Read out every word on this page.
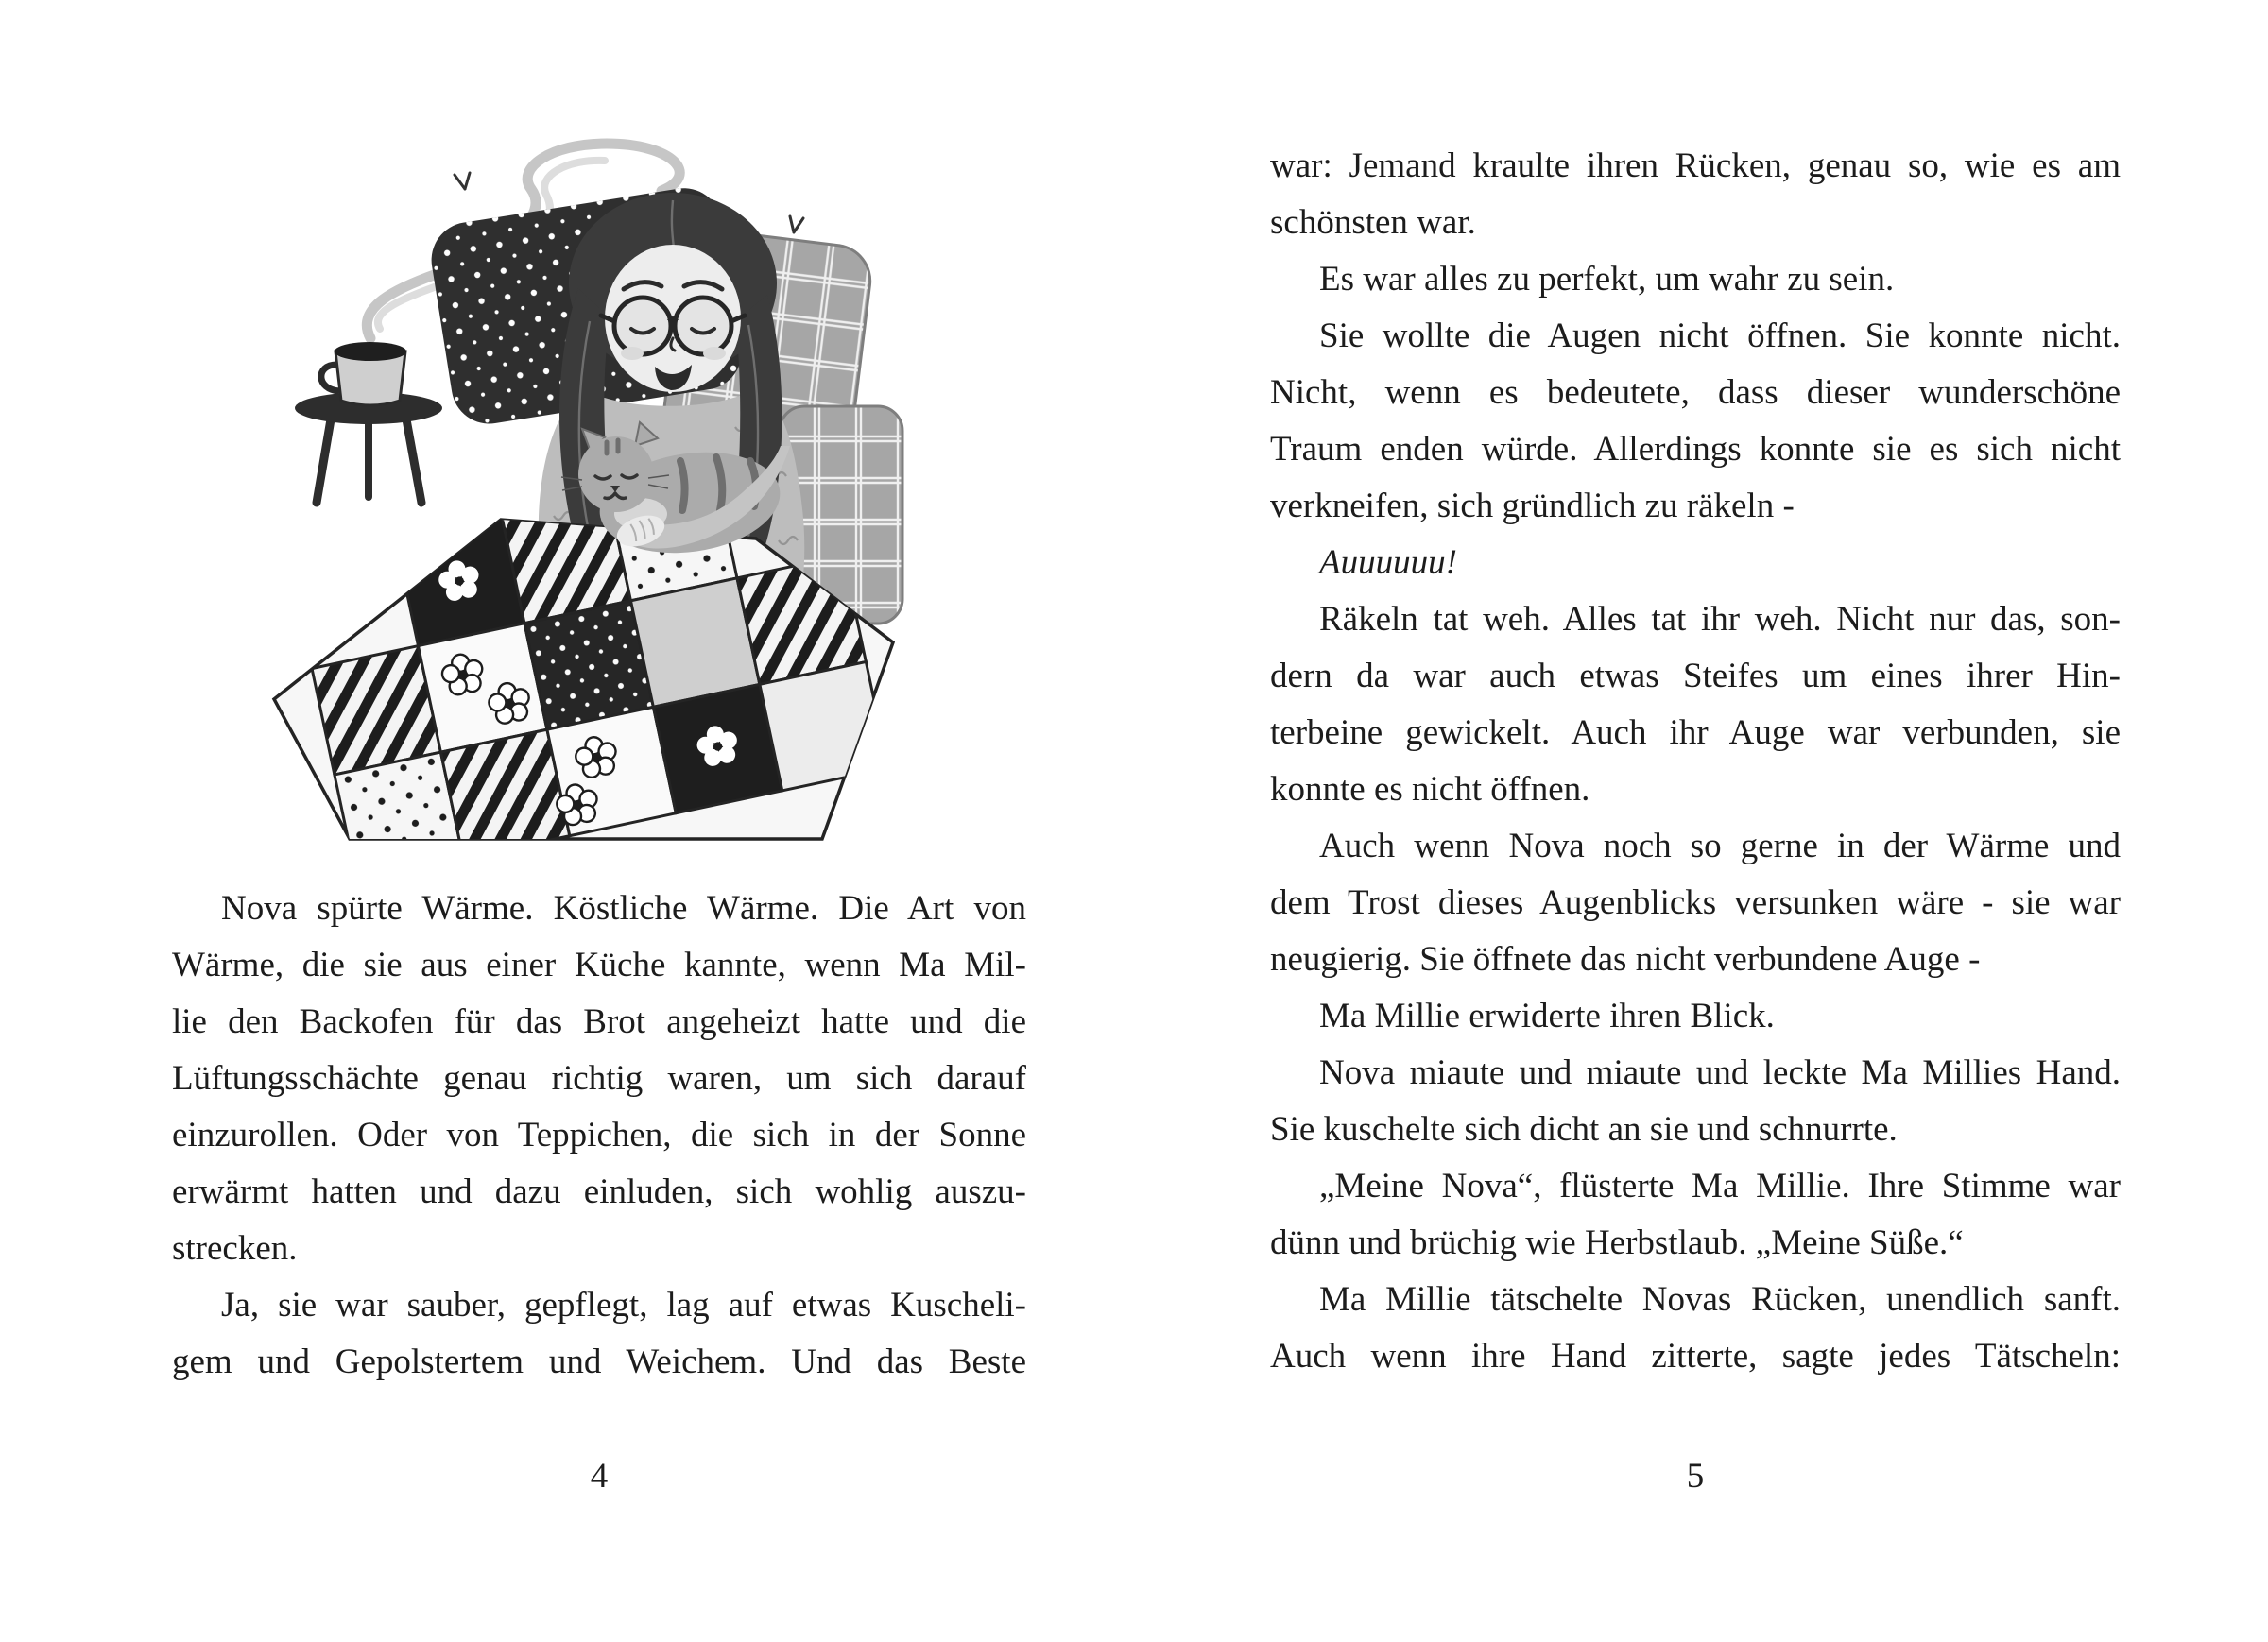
Nova spürte Wärme. Köstliche Wärme. Die Art von
Wärme, die sie aus einer Küche kannte, wenn Ma Mil-
lie den Backofen für das Brot angeheizt hatte und die
Lüftungsschächte genau richtig waren, um sich darauf
einzurollen. Oder von Teppichen, die sich in der Sonne
erwärmt hatten und dazu einluden, sich wohlig auszu-
strecken.
Ja, sie war sauber, gepflegt, lag auf etwas Kuscheli-
gem und Gepolstertem und Weichem. Und das Beste
4
war: Jemand kraulte ihren Rücken, genau so, wie es am
schönsten war.
Es war alles zu perfekt, um wahr zu sein.
Sie wollte die Augen nicht öffnen. Sie konnte nicht.
Nicht, wenn es bedeutete, dass dieser wunderschöne
Traum enden würde. Allerdings konnte sie es sich nicht
verkneifen, sich gründlich zu räkeln -
Auuuuuu!
Räkeln tat weh. Alles tat ihr weh. Nicht nur das, son-
dern da war auch etwas Steifes um eines ihrer Hin-
terbeine gewickelt. Auch ihr Auge war verbunden, sie
konnte es nicht öffnen.
Auch wenn Nova noch so gerne in der Wärme und
dem Trost dieses Augenblicks versunken wäre - sie war
neugierig. Sie öffnete das nicht verbundene Auge -
Ma Millie erwiderte ihren Blick.
Nova miaute und miaute und leckte Ma Millies Hand.
Sie kuschelte sich dicht an sie und schnurrte.
„Meine Nova“, flüsterte Ma Millie. Ihre Stimme war
dünn und brüchig wie Herbstlaub. „Meine Süße.“
Ma Millie tätschelte Novas Rücken, unendlich sanft.
Auch wenn ihre Hand zitterte, sagte jedes Tätscheln:
5
